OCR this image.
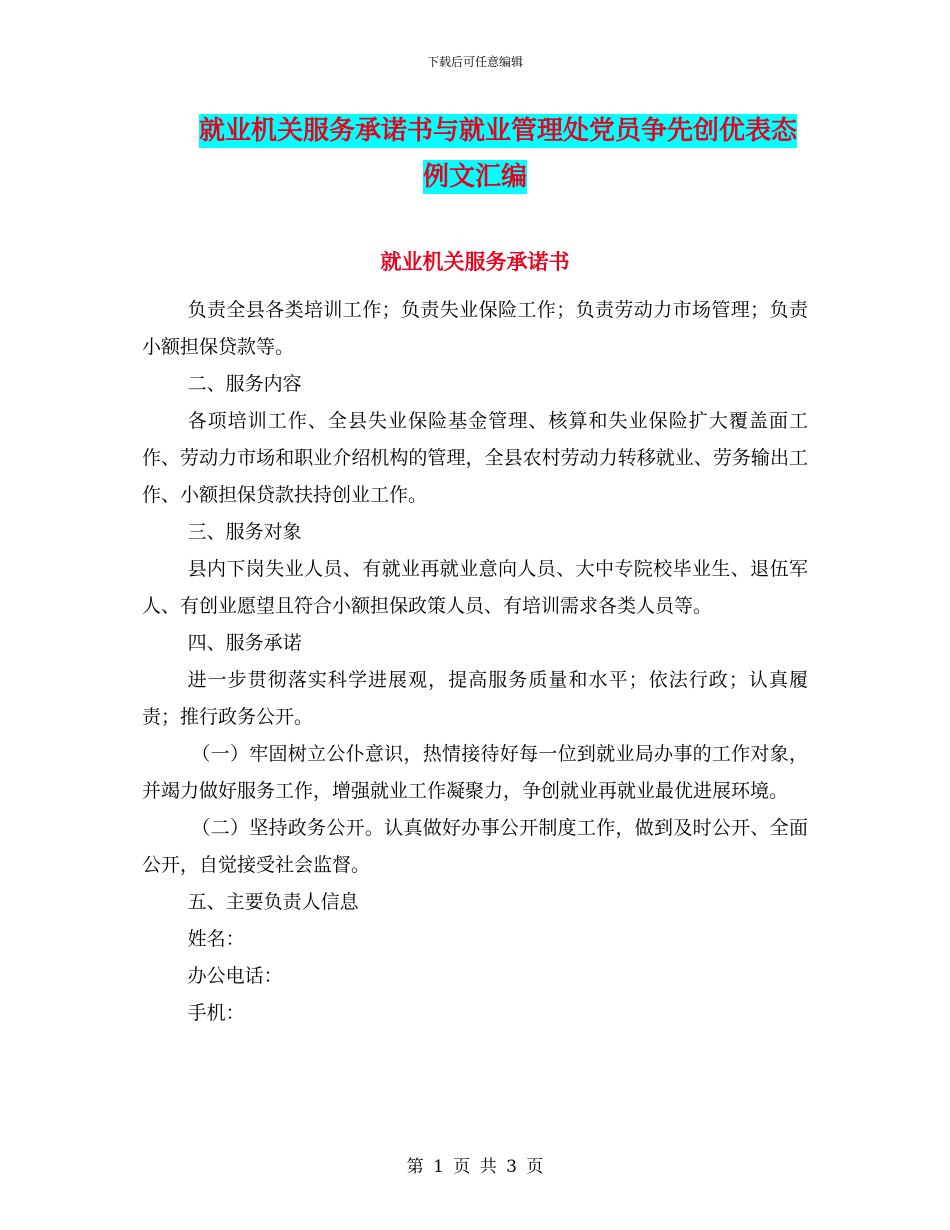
下载后可任意编辑
就业机关服务承诺书与就业管理处党员争先创优表态
例文汇编
就业机关服务承诺书

负责全县各类培训工作；负责失业保险工作；负责劳动力市场管理；负责小额担保贷款等。

二、服务内容

各项培训工作、全县失业保险基金管理、核算和失业保险扩大覆盖面工作、劳动力市场和职业介绍机构的管理，全县农村劳动力转移就业、劳务输出工作、小额担保贷款扶持创业工作。

三、服务对象

县内下岗失业人员、有就业再就业意向人员、大中专院校毕业生、退伍军人、有创业愿望且符合小额担保政策人员、有培训需求各类人员等。

四、服务承诺

进一步贯彻落实科学进展观，提高服务质量和水平；依法行政；认真履责；推行政务公开。

（一）牢固树立公仆意识，热情接待好每一位到就业局办事的工作对象，并竭力做好服务工作，增强就业工作凝聚力，争创就业再就业最优进展环境。

（二）坚持政务公开。认真做好办事公开制度工作，做到及时公开、全面公开，自觉接受社会监督。

五、主要负责人信息

姓名：

办公电话：

手机：

第 1 页 共 3 页
